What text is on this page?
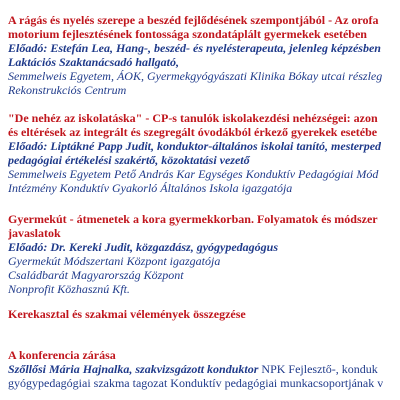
A rágás és nyelés szerepe a beszéd fejlődésének szempontjából - Az orofa
motorium fejlesztésének fontossága szondatáplált gyermekek esetében
Előadó: Estefán Lea, Hang-, beszéd- és nyelésterapeuta, jelenleg képzésben
Laktációs Szaktanácsadó hallgató,
Semmelweis Egyetem, ÁOK, Gyermekgyógyászati Klinika Bókay utcai részleg
Rekonstrukciós Centrum
"De nehéz az iskolatáska" - CP-s tanulók iskolakezdési nehézségei: azon
és eltérések az integrált és szegregált óvodákból érkező gyerekek esetébe
Előadó: Liptákné Papp Judit, konduktor-általános iskolai tanító, mesterped
pedagógiai értékelési szakértő, közoktatási vezető
Semmelweis Egyetem Pető András Kar Egységes Konduktív Pedagógiai Mód
Intézmény Konduktív Gyakorló Általános Iskola igazgatója
Gyermekút - átmenetek a kora gyermekkorban. Folyamatok és módszer
javaslatok
Előadó: Dr. Kereki Judit, közgazdász, gyógypedagógus
Gyermekút Módszertani Központ igazgatója
Családbarát Magyarország Központ
Nonprofit Közhasznú Kft.
Kerekasztal és szakmai vélemények összegzése
A konferencia zárása
Szőllősi Mária Hajnalka, szakvizsgázott konduktor NPK Fejlesztő-, konduk
gyógypedagógiai szakma tagozat Konduktív pedagógiai munkacsoportjának v
